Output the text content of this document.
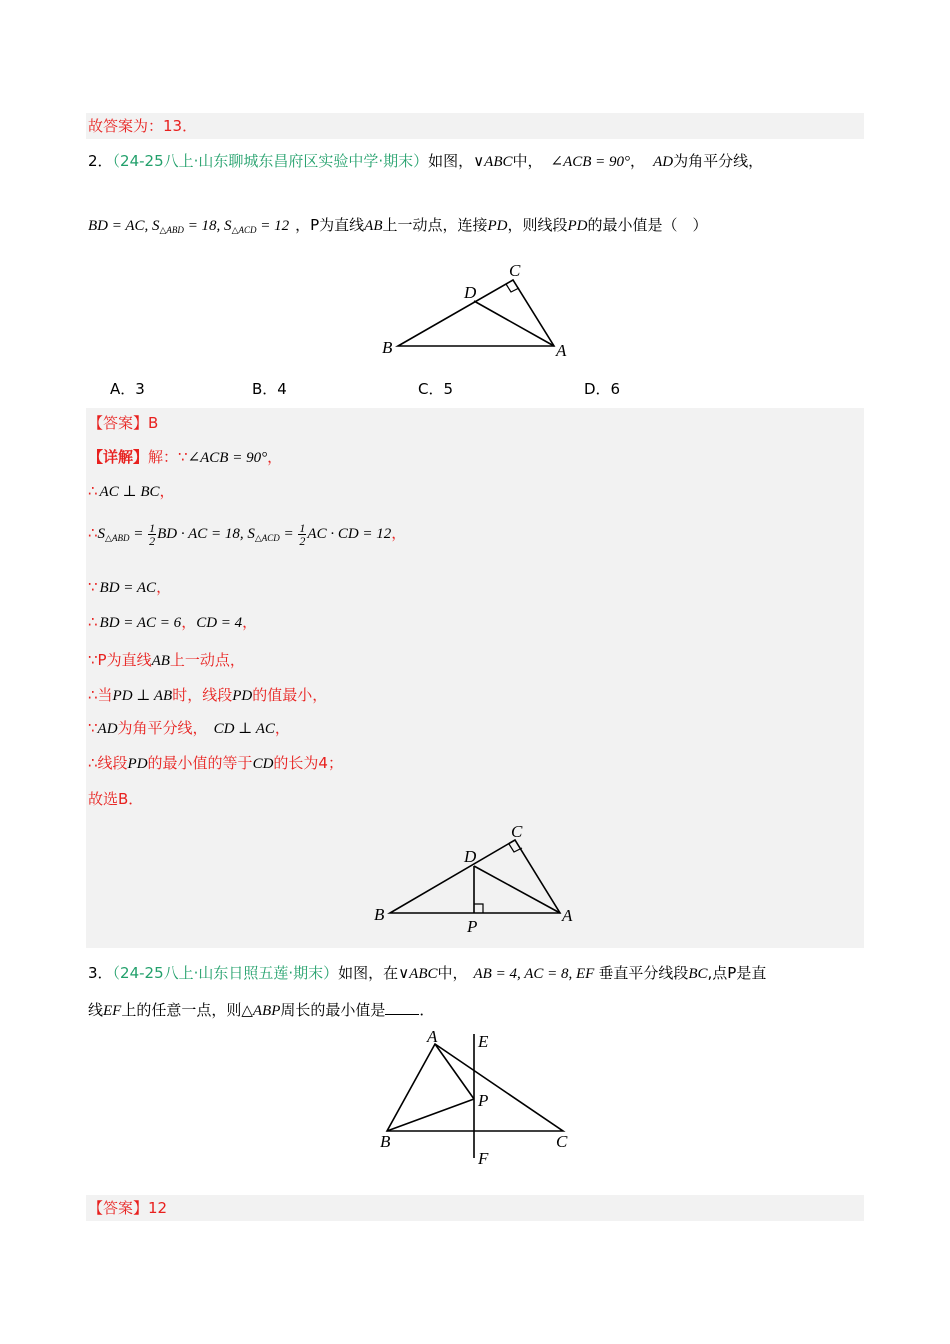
故答案为：13．
2．（24-25八上·山东聊城东昌府区实验中学·期末）如图，∨ABC中， ∠ACB = 90°， AD为角平分线，
BD = AC, $S_{\triangle ABD} = 18$, $S_{\triangle ACD} = 12$ ，P为直线AB上一动点，连接PD，则线段PD的最小值是（　）
C
D
B	A
A．3	B．4	C．5	D．6
【答案】B
【详解】解：∵∠ACB = 90°，
∴ AC ⊥ BC，
$\therefore S_{\triangle ABD} = \frac{1}{2}$ BD · AC = 18, $S_{\triangle ACD} = \frac{1}{2}$ AC · CD = 12，
∵ BD = AC，
∴ BD = AC = 6，CD = 4，
∵P为直线AB上一动点，
∴当PD ⊥ AB时，线段PD的值最小，
∵AD为角平分线， CD ⊥ AC，
∴线段PD的最小值的等于CD的长为4；
故选B．
C
D
B	A
P
3．（24-25八上·山东日照五莲·期末）如图，在∨ABC中， AB = 4, AC = 8, EF 垂直平分线段BC,点P是直
线EF上的任意一点，则△ABP周长的最小值是 ．
A E
P
B	C
F
【答案】12
